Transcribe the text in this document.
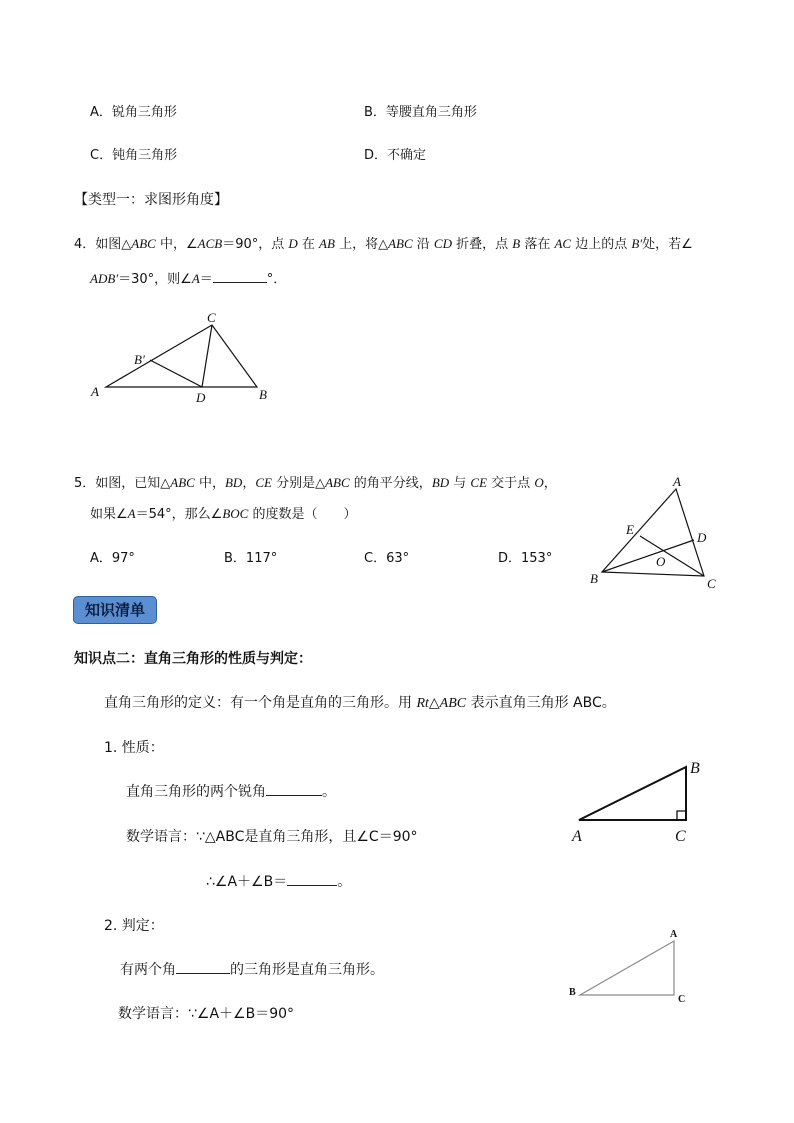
A．锐角三角形	B．等腰直角三角形
C．钝角三角形	D．不确定
【类型一：求图形角度】
4．如图△ABC 中，∠ACB＝90°，点 D 在 AB 上，将△ABC 沿 CD 折叠，点 B 落在 AC 边上的点 B′处，若∠
ADB′＝30°，则∠A＝	°．
C
B′
A	D	B
5．如图，已知△ABC 中，BD，CE 分别是△ABC 的角平分线，BD 与 CE 交于点 O，
如果∠A＝54°，那么∠BOC 的度数是（　　）
A．97°	B．117°	C．63°	D．153°
A
E
D
O
B	C
知识清单
知识点二：直角三角形的性质与判定：
直角三角形的定义：有一个角是直角的三角形。用 Rt△ABC 表示直角三角形 ABC。
1. 性质：
直角三角形的两个锐角	。
数学语言：∵△ABC是直角三角形，且∠C＝90°
∴∠A＋∠B＝	。
B
A	C
2. 判定：
有两个角	的三角形是直角三角形。
数学语言：∵∠A＋∠B＝90°
A
B
C
